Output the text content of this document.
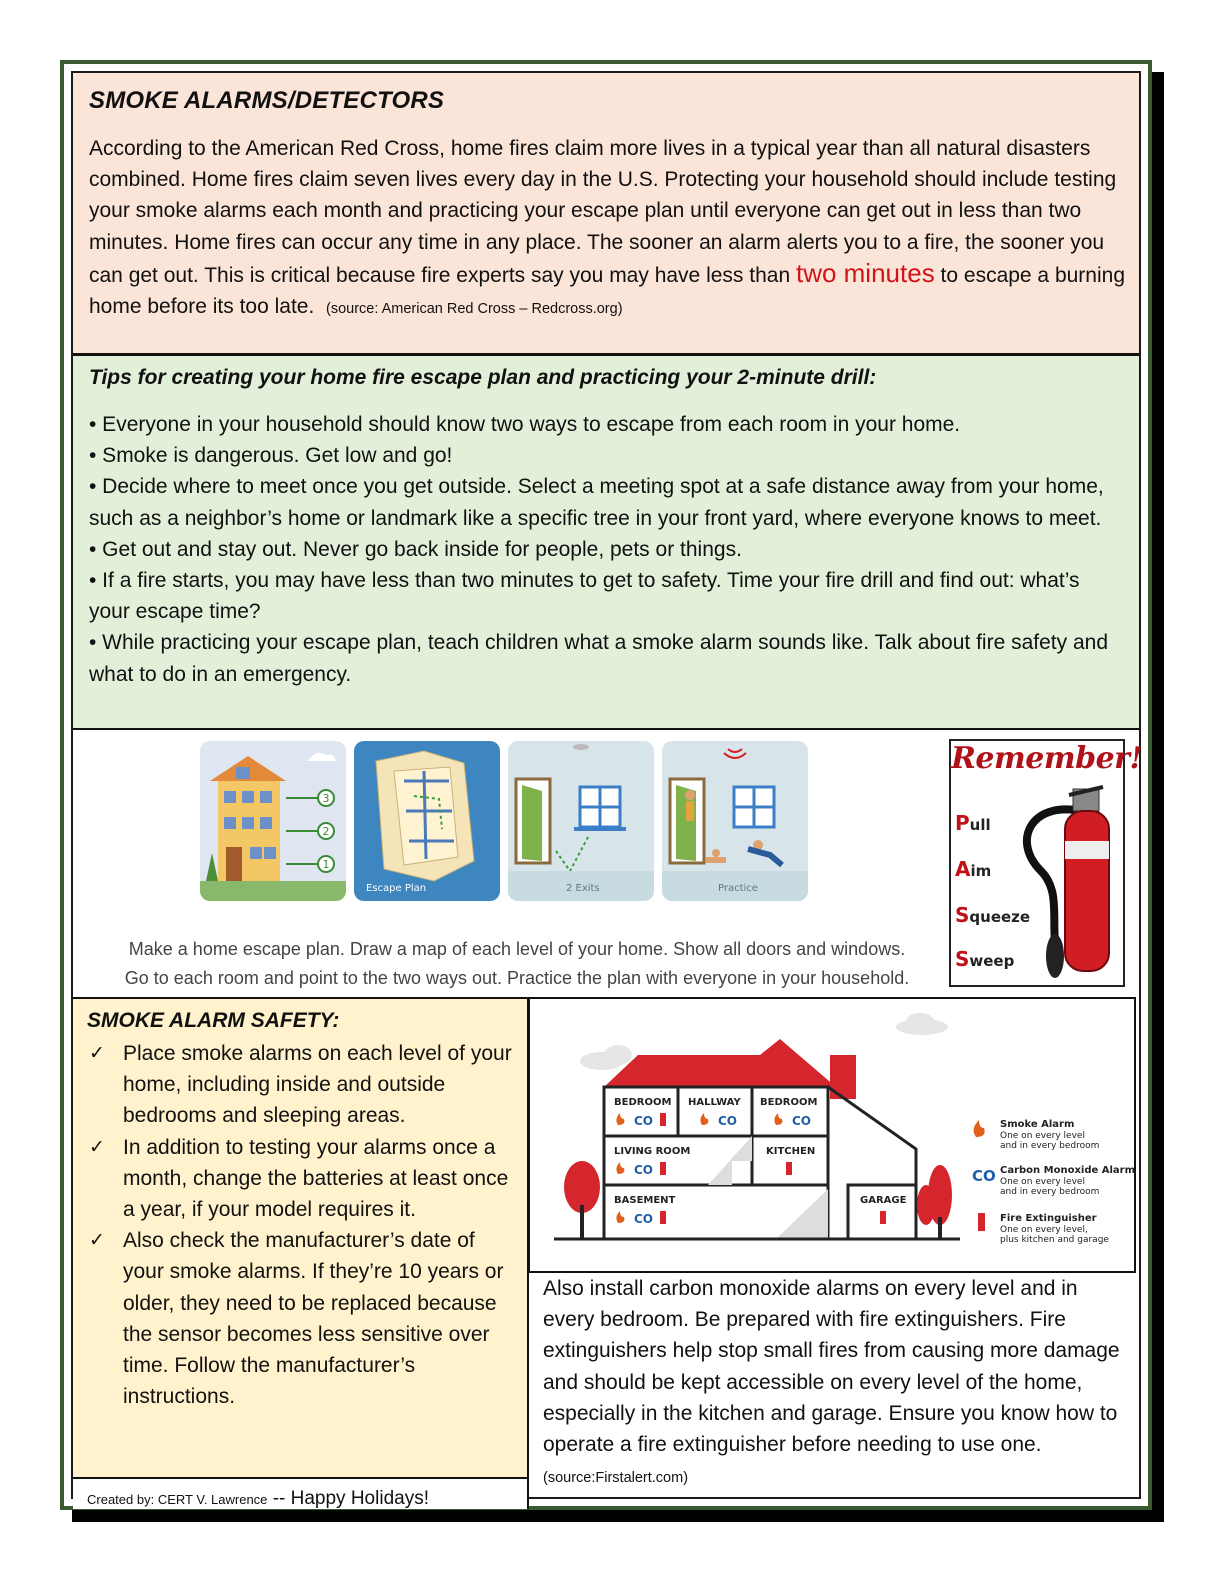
SMOKE ALARMS/DETECTORS

According to the American Red Cross, home fires claim more lives in a typical year than all natural disasters combined. Home fires claim seven lives every day in the U.S. Protecting your household should include testing your smoke alarms each month and practicing your escape plan until everyone can get out in less than two minutes. Home fires can occur any time in any place. The sooner an alarm alerts you to a fire, the sooner you can get out. This is critical because fire experts say you may have less than two minutes to escape a burning home before its too late. (source: American Red Cross – Redcross.org)

Tips for creating your home fire escape plan and practicing your 2-minute drill:
• Everyone in your household should know two ways to escape from each room in your home.
• Smoke is dangerous. Get low and go!
• Decide where to meet once you get outside. Select a meeting spot at a safe distance away from your home, such as a neighbor’s home or landmark like a specific tree in your front yard, where everyone knows to meet.
• Get out and stay out. Never go back inside for people, pets or things.
• If a fire starts, you may have less than two minutes to get to safety. Time your fire drill and find out: what’s your escape time?
• While practicing your escape plan, teach children what a smoke alarm sounds like. Talk about fire safety and what to do in an emergency.
3
2
1
Escape Plan	2 Exits	Practice
Make a home escape plan. Draw a map of each level of your home. Show all doors and windows.
Go to each room and point to the two ways out. Practice the plan with everyone in your household.
Remember!
Pull
Aim
Squeeze
Sweep
SMOKE ALARM SAFETY:
✓ Place smoke alarms on each level of your home, including inside and outside bedrooms and sleeping areas.
✓ In addition to testing your alarms once a month, change the batteries at least once a year, if your model requires it.
✓ Also check the manufacturer’s date of your smoke alarms. If they’re 10 years or older, they need to be replaced because the sensor becomes less sensitive over time. Follow the manufacturer’s instructions.
Created by: CERT V. Lawrence -- Happy Holidays!
BEDROOM HALLWAY BEDROOM
LIVING ROOM	KITCHEN
BASEMENT	GARAGE
CO	CO	CO
CO
CO
CO
Smoke Alarm
One on every level
and in every bedroom
Carbon Monoxide Alarm
One on every level
and in every bedroom
Fire Extinguisher
One on every level,
plus kitchen and garage
Also install carbon monoxide alarms on every level and in every bedroom. Be prepared with fire extinguishers. Fire extinguishers help stop small fires from causing more damage and should be kept accessible on every level of the home, especially in the kitchen and garage. Ensure you know how to operate a fire extinguisher before needing to use one. (source:Firstalert.com)
